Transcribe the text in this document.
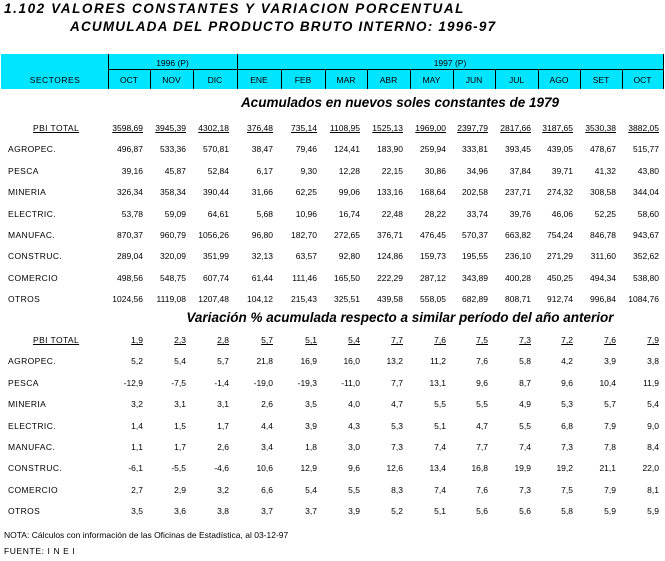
1.102 VALORES CONSTANTES Y VARIACION PORCENTUAL
ACUMULADA DEL PRODUCTO BRUTO INTERNO: 1996-97
SECTORES
1996 (P)	1997 (P)
OCT	NOV	DIC	ENE	FEB	MAR	ABR	MAY	JUN	JUL	AGO	SET	OCT
Acumulados en nuevos soles constantes de 1979
PBI TOTAL	3598,69 3945,39 4302,18 376,48 735,14 1108,95 1525,13 1969,00 2397,79 2817,66 3187,65 3530,38 3882,05
AGROPEC.	496,87 533,36 570,81	38,47	79,46 124,41 183,90 259,94 333,81 393,45 439,05 478,67 515,77
PESCA	39,16	45,87	52,84	6,17	9,30	12,28	22,15	30,86 34,96	37,84 39,71	41,32	43,80
MINERIA	326,34 358,34 390,44	31,66	62,25	99,06 133,16 168,64 202,58 237,71 274,32 308,58 344,04
ELECTRIC.	53,78	59,09	64,61	5,68	10,96	16,74	22,48	28,22 33,74	39,76 46,06	52,25	58,60
MANUFAC.	870,37 960,79 1056,26	96,80 182,70 272,65 376,71 476,45 570,37 663,82 754,24 846,78 943,67
CONSTRUC.	289,04 320,09 351,99	32,13	63,57	92,80 124,86 159,73 195,55 236,10 271,29 311,60 352,62
COMERCIO	498,56 548,75 607,74	61,44 111,46 165,50 222,29 287,12 343,89 400,28 450,25 494,34 538,80
OTROS	1024,56 1119,08 1207,48 104,12 215,43 325,51 439,58 558,05 682,89 808,71 912,74 996,84 1084,76
Variación % acumulada respecto a similar período del año anterior
PBI TOTAL	1,9	2,3	2,8	5,7	5,1	5,4	7,7	7,6	7,5	7,3	7,2	7,6	7,9
AGROPEC.	5,2	5,4	5,7	21,8	16,9	16,0	13,2	11,2	7,6	5,8	4,2	3,9	3,8
PESCA	-12,9	-7,5	-1,4	-19,0	-19,3	-11,0	7,7	13,1	9,6	8,7	9,6	10,4	11,9
MINERIA	3,2	3,1	3,1	2,6	3,5	4,0	4,7	5,5	5,5	4,9	5,3	5,7	5,4
ELECTRIC.	1,4	1,5	1,7	4,4	3,9	4,3	5,3	5,1	4,7	5,5	6,8	7,9	9,0
MANUFAC.	1,1	1,7	2,6	3,4	1,8	3,0	7,3	7,4	7,7	7,4	7,3	7,8	8,4
CONSTRUC.	-6,1	-5,5	-4,6	10,6	12,9	9,6	12,6	13,4	16,8	19,9	19,2	21,1	22,0
COMERCIO	2,7	2,9	3,2	6,6	5,4	5,5	8,3	7,4	7,6	7,3	7,5	7,9	8,1
OTROS	3,5	3,6	3,8	3,7	3,7	3,9	5,2	5,1	5,6	5,6	5,8	5,9	5,9
NOTA: Cálculos con información de las Oficinas de Estadística, al 03-12-97
FUENTE: I N E I
